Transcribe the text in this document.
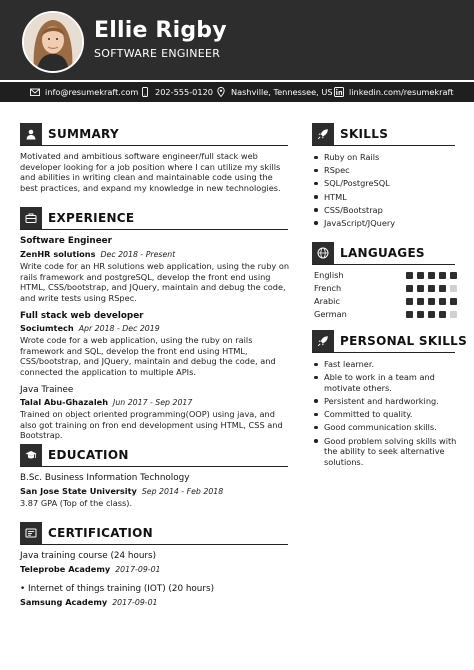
Ellie Rigby
SOFTWARE ENGINEER
info@resumekraft.com 202-555-0120 Nashville, Tennessee, US linkedin.com/resumekraft
SUMMARY
Motivated and ambitious software engineer/full stack web developer looking for a job position where I can utilize my skills and abilities in writing clean and maintainable code using the best practices, and expand my knowledge in new technologies.
EXPERIENCE
Software Engineer
ZenHR solutions Dec 2018 - Present
Write code for an HR solutions web application, using the ruby on rails framework and postgreSQL, develop the front end using HTML, CSS/bootstrap, and JQuery, maintain and debug the code, and write tests using RSpec.
Full stack web developer
Sociumtech Apr 2018 - Dec 2019
Wrote code for a web application, using the ruby on rails framework and SQL, develop the front end using HTML, CSS/bootstrap, and JQuery, maintain and debug the code, and connected the application to multiple APIs.
Java Trainee
Talal Abu-Ghazaleh Jun 2017 - Sep 2017
Trained on object oriented programming(OOP) using java, and also got training on fron end development using HTML, CSS and Bootstrap.
EDUCATION
B.Sc. Business Information Technology
San Jose State University Sep 2014 - Feb 2018
3.87 GPA (Top of the class).
CERTIFICATION
Java training course (24 hours)
Teleprobe Academy 2017-09-01
• Internet of things training (IOT) (20 hours)
Samsung Academy 2017-09-01
SKILLS
Ruby on Rails
RSpec
SQL/PostgreSQL
HTML
CSS/Bootstrap
JavaScript/JQuery
LANGUAGES
English
French
Arabic
German
PERSONAL SKILLS
Fast learner.
Able to work in a team and motivate others.
Persistent and hardworking.
Committed to quality.
Good communication skills.
Good problem solving skills with the ability to seek alternative solutions.
